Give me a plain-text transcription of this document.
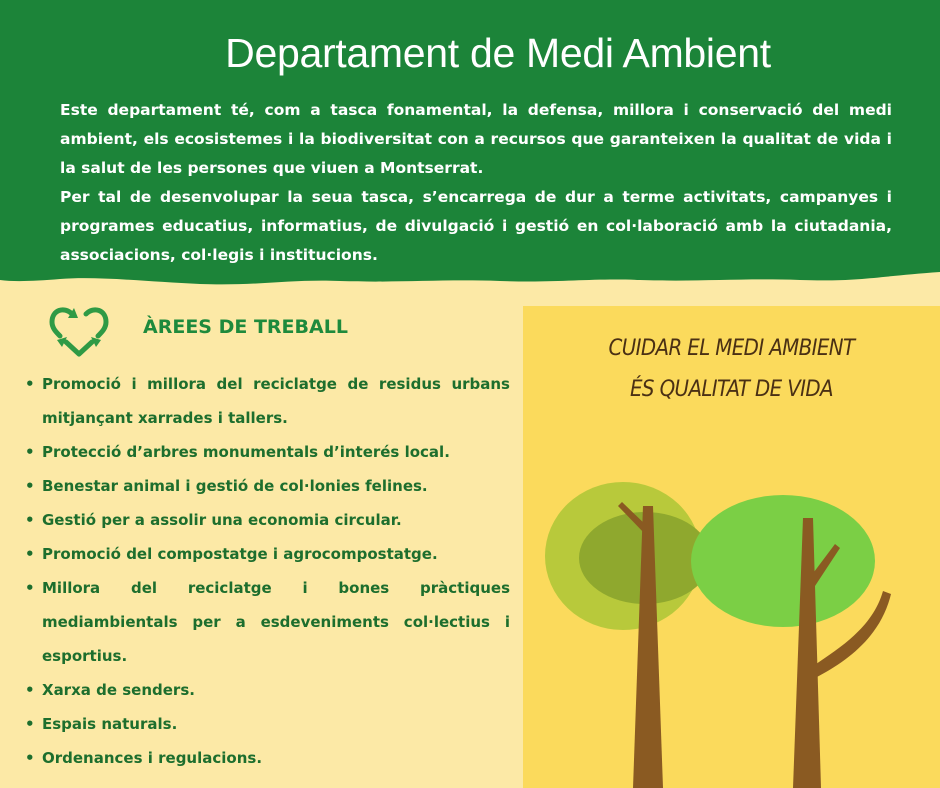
Departament de Medi Ambient

Este departament té, com a tasca fonamental, la defensa, millora i conservació del medi ambient, els ecosistemes i la biodiversitat con a recursos que garanteixen la qualitat de vida i la salut de les persones que viuen a Montserrat.

Per tal de desenvolupar la seua tasca, s’encarrega de dur a terme activitats, campanyes i programes educatius, informatius, de divulgació i gestió en col·laboració amb la ciutadania, associacions, col·legis i institucions.

ÀREES DE TREBALL
• Promoció i millora del reciclatge de residus urbans mitjançant xarrades i tallers.
• Protecció d’arbres monumentals d’interés local.
• Benestar animal i gestió de col·lonies felines.
• Gestió per a assolir una economia circular.
• Promoció del compostatge i agrocompostatge.
• Millora del reciclatge i bones pràctiques mediambientals per a esdeveniments col·lectius i esportius.
• Xarxa de senders.
• Espais naturals.
• Ordenances i regulacions.
CUIDAR EL MEDI AMBIENT
ÉS QUALITAT DE VIDA
